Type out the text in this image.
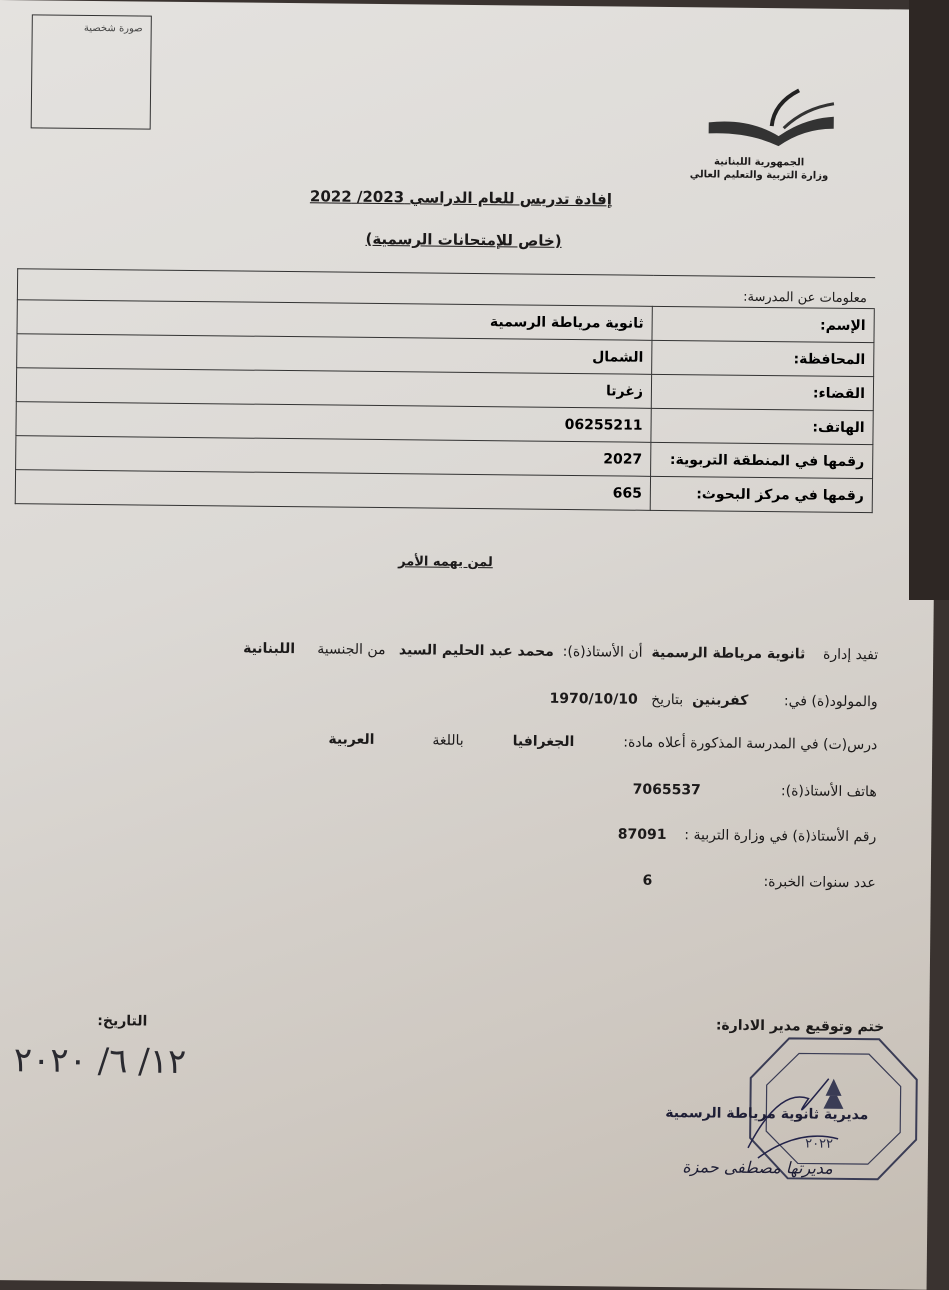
صورة شخصية
الجمهورية اللبنانية
وزارة التربية والتعليم العالي
إفادة تدريس للعام الدراسي 2023/ 2022
(خاص للإمتحانات الرسمية)
معلومات عن المدرسة:

الإسم:	ثانوية مرياطة الرسمية
المحافظة:	الشمال
القضاء:	زغرتا
الهاتف:	06255211
رقمها في المنطقة التربوية:	2027
رقمها في مركز البحوث:	665
لمن يهمه الأمر
تفيد إدارة    ثانوية مرياطة الرسمية  أن الأستاذ(ة):  محمد عبد الحليم السيد   من الجنسية     اللبنانية
والمولود(ة) في:        كفربنين  بتاريخ   1970/10/10
درس(ت) في المدرسة المذكورة أعلاه مادة:           الجغرافيا           باللغة             العربية
هاتف الأستاذ(ة):                  7065537
رقم الأستاذ(ة) في وزارة التربية :    87091
عدد سنوات الخبرة:                         6
ختم وتوقيع مدير الادارة:
التاريخ:
١٢/ ٦/ ٢٠٢٠
مديرية ثانوية مرياطة الرسمية
٢٠٢٢
مديرتها مصطفى حمزة
